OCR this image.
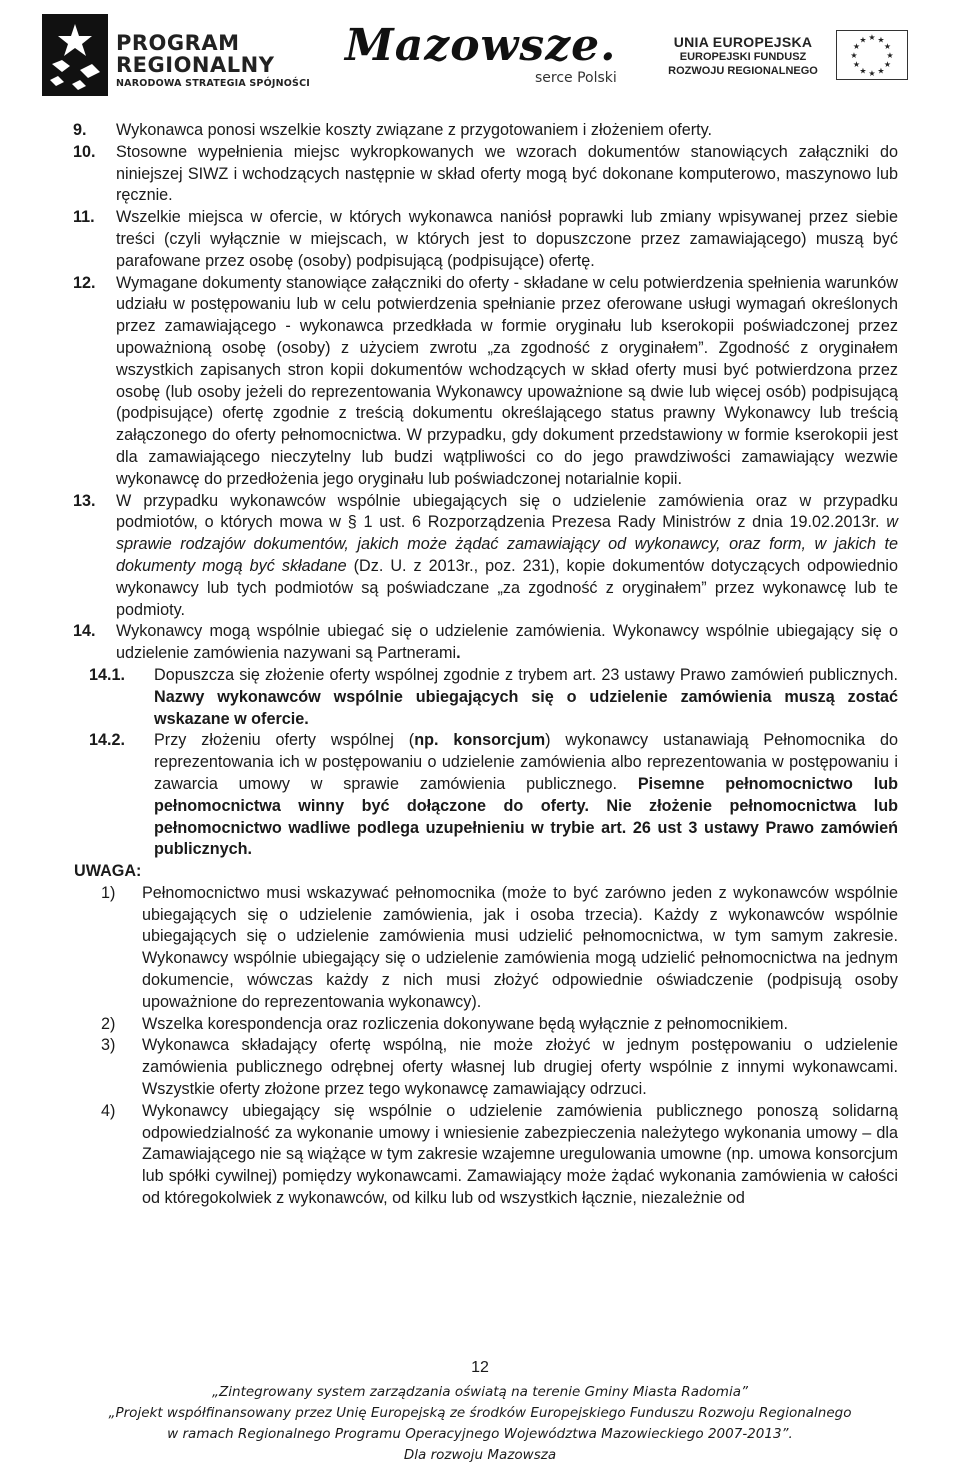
PROGRAM
REGIONALNY
NARODOWA STRATEGIA SPÓJNOŚCI
Mazowsze.
serce Polski
UNIA EUROPEJSKA
EUROPEJSKI FUNDUSZ
ROZWOJU REGIONALNEGO
★ ★
★
★
★
★
★
★
★
★
★
★
9. Wykonawca ponosi wszelkie koszty związane z przygotowaniem i złożeniem oferty.
10. Stosowne wypełnienia miejsc wykropkowanych we wzorach dokumentów stanowiących załączniki do niniejszej SIWZ i wchodzących następnie w skład oferty mogą być dokonane komputerowo, maszynowo lub ręcznie.
11. Wszelkie miejsca w ofercie, w których wykonawca naniósł poprawki lub zmiany wpisywanej przez siebie treści (czyli wyłącznie w miejscach, w których jest to dopuszczone przez zamawiającego) muszą być parafowane przez osobę (osoby) podpisującą (podpisujące) ofertę.
12. Wymagane dokumenty stanowiące załączniki do oferty - składane w celu potwierdzenia spełnienia warunków udziału w postępowaniu lub w celu potwierdzenia spełnianie przez oferowane usługi wymagań określonych przez zamawiającego - wykonawca przedkłada w formie oryginału lub kserokopii poświadczonej przez upoważnioną osobę (osoby) z użyciem zwrotu „za zgodność z oryginałem”. Zgodność z oryginałem wszystkich zapisanych stron kopii dokumentów wchodzących w skład oferty musi być potwierdzona przez osobę (lub osoby jeżeli do reprezentowania Wykonawcy upoważnione są dwie lub więcej osób) podpisującą (podpisujące) ofertę zgodnie z treścią dokumentu określającego status prawny Wykonawcy lub treścią załączonego do oferty pełnomocnictwa. W przypadku, gdy dokument przedstawiony w formie kserokopii jest dla zamawiającego nieczytelny lub budzi wątpliwości co do jego prawdziwości zamawiający wezwie wykonawcę do przedłożenia jego oryginału lub poświadczonej notarialnie kopii.
13. W przypadku wykonawców wspólnie ubiegających się o udzielenie zamówienia oraz w przypadku podmiotów, o których mowa w § 1 ust. 6 Rozporządzenia Prezesa Rady Ministrów z dnia 19.02.2013r. w sprawie rodzajów dokumentów, jakich może żądać zamawiający od wykonawcy, oraz form, w jakich te dokumenty mogą być składane (Dz. U. z 2013r., poz. 231), kopie dokumentów dotyczących odpowiednio wykonawcy lub tych podmiotów są poświadczane „za zgodność z oryginałem” przez wykonawcę lub te podmioty.
14. Wykonawcy mogą wspólnie ubiegać się o udzielenie zamówienia. Wykonawcy wspólnie ubiegający się o udzielenie zamówienia nazywani są Partnerami.
14.1. Dopuszcza się złożenie oferty wspólnej zgodnie z trybem art. 23 ustawy Prawo zamówień publicznych. Nazwy wykonawców wspólnie ubiegających się o udzielenie zamówienia muszą zostać wskazane w ofercie.
14.2. Przy złożeniu oferty wspólnej (np. konsorcjum) wykonawcy ustanawiają Pełnomocnika do reprezentowania ich w postępowaniu o udzielenie zamówienia albo reprezentowania w postępowaniu i zawarcia umowy w sprawie zamówienia publicznego. Pisemne pełnomocnictwo lub pełnomocnictwa winny być dołączone do oferty. Nie złożenie pełnomocnictwa lub pełnomocnictwo wadliwe podlega uzupełnieniu w trybie art. 26 ust 3 ustawy Prawo zamówień publicznych.
UWAGA:
1) Pełnomocnictwo musi wskazywać pełnomocnika (może to być zarówno jeden z wykonawców wspólnie ubiegających się o udzielenie zamówienia, jak i osoba trzecia). Każdy z wykonawców wspólnie ubiegających się o udzielenie zamówienia musi udzielić pełnomocnictwa, w tym samym zakresie. Wykonawcy wspólnie ubiegający się o udzielenie zamówienia mogą udzielić pełnomocnictwa na jednym dokumencie, wówczas każdy z nich musi złożyć odpowiednie oświadczenie (podpisują osoby upoważnione do reprezentowania wykonawcy).
2) Wszelka korespondencja oraz rozliczenia dokonywane będą wyłącznie z pełnomocnikiem.
3) Wykonawca składający ofertę wspólną, nie może złożyć w jednym postępowaniu o udzielenie zamówienia publicznego odrębnej oferty własnej lub drugiej oferty wspólnie z innymi wykonawcami. Wszystkie oferty złożone przez tego wykonawcę zamawiający odrzuci.
4) Wykonawcy ubiegający się wspólnie o udzielenie zamówienia publicznego ponoszą solidarną odpowiedzialność za wykonanie umowy i wniesienie zabezpieczenia należytego wykonania umowy – dla Zamawiającego nie są wiążące w tym zakresie wzajemne uregulowania umowne (np. umowa konsorcjum lub spółki cywilnej) pomiędzy wykonawcami. Zamawiający może żądać wykonania zamówienia w całości od któregokolwiek z wykonawców, od kilku lub od wszystkich łącznie, niezależnie od
12
„Zintegrowany system zarządzania oświatą na terenie Gminy Miasta Radomia”
„Projekt współfinansowany przez Unię Europejską ze środków Europejskiego Funduszu Rozwoju Regionalnego
w ramach Regionalnego Programu Operacyjnego Województwa Mazowieckiego 2007-2013”.
Dla rozwoju Mazowsza
